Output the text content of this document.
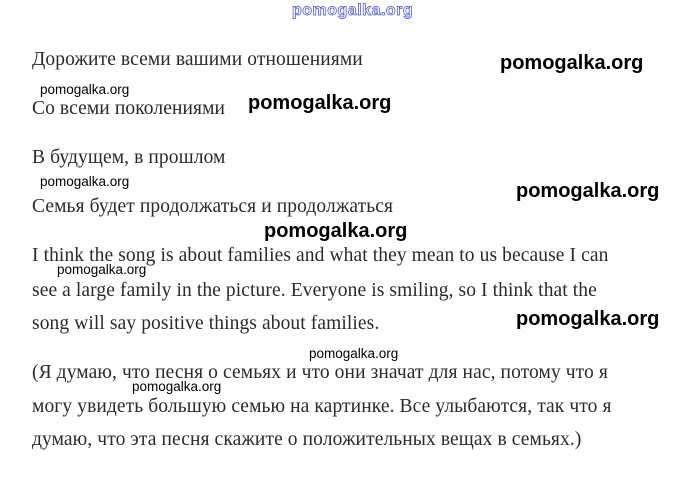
pomogalka.org
Дорожите всеми вашими отношениями
Со всеми поколениями
В будущем, в прошлом
Семья будет продолжаться и продолжаться
I think the song is about families and what they mean to us because I can
see a large family in the picture. Everyone is smiling, so I think that the
song will say positive things about families.
(Я думаю, что песня о семьях и что они значат для нас, потому что я
могу увидеть большую семью на картинке. Все улыбаются, так что я
думаю, что эта песня скажите о положительных вещах в семьях.)
pomogalka.org
pomogalka.org
pomogalka.org
pomogalka.org	pomogalka.org
pomogalka.org
pomogalka.org
pomogalka.org
pomogalka.org
pomogalka.org
